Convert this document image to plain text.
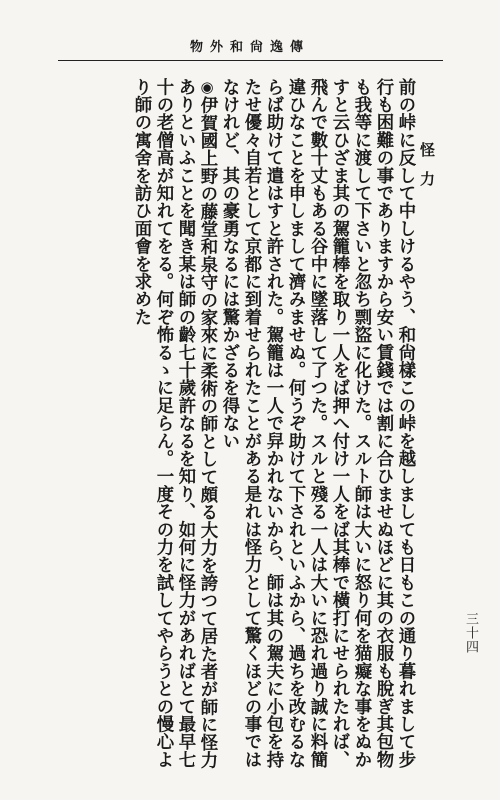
物外和尙逸傳
三十四
怪力

前の峠に反して中しけるやう、和尙樣この峠を越しましても日もこの通り暮れまして步行も困難の事でありますから安い賃錢では割に合ひませぬほどに其の衣服も脫ぎ其包物も我等に渡して下さいと忽ち剽盜に化けた。スルト師は大いに怒り何を猫癡な事をぬかすと云ひざま其の駕籠棒を取り一人をば押へ付け一人をば其棒で橫打にせられたれば、飛んで數十丈もある谷中に墜落して了つた。スルと殘る一人は大いに恐れ過り誠に料簡違ひなことを申しまして濟みませぬ。何うぞ助けて下されといふから、過ちを改むるならば助けて遣はすと許された。駕籠は一人で舁かれないから、師は其の駕夫に小包を持たせ優々自若として京都に到着せられたことがある是れは怪力として驚くほどの事ではなけれど、其の豪勇なるには驚かざるを得ない

◉伊賀國上野の藤堂和泉守の家來に柔術の師として頗る大力を誇つて居た者が師に怪力ありといふことを聞き某は師の齡七十歲許なるを知り、如何に怪力があればとて最早七十の老僧高が知れてをる。何ぞ怖るゝに足らん。一度その力を試してやらうとの慢心より師の寓舍を訪ひ面會を求めた
